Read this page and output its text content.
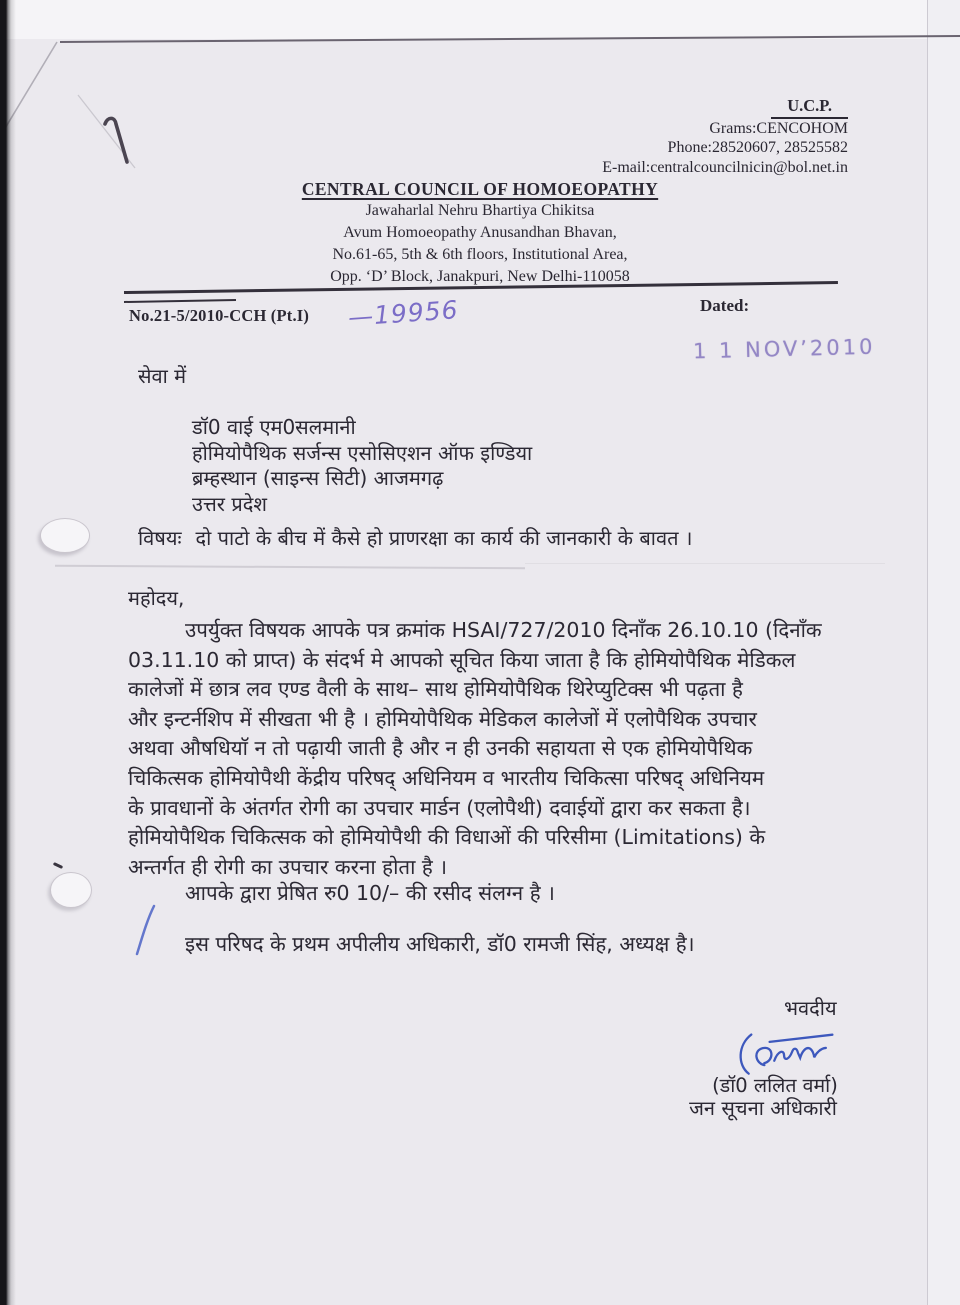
U.C.P.
Grams:CENCOHOM
Phone:28520607, 28525582
E-mail:centralcouncilnicin@bol.net.in
CENTRAL COUNCIL OF HOMOEOPATHY
Jawaharlal Nehru Bhartiya Chikitsa
Avum Homoeopathy Anusandhan Bhavan,
No.61-65, 5th & 6th floors, Institutional Area,
Opp. ‘D’ Block, Janakpuri, New Delhi-110058
No.21-5/2010-CCH (Pt.I) —19956	Dated:
1 1 NOV’2010
सेवा में
डॉ0 वाई एम0सलमानी
होमियोपैथिक सर्जन्स एसोसिएशन ऑफ इण्डिया
ब्रम्हस्थान (साइन्स सिटी) आजमगढ़
उत्तर प्रदेश
विषयः दो पाटो के बीच में कैसे हो प्राणरक्षा का कार्य की जानकारी के बावत ।
महोदय,
उपर्युक्त विषयक आपके पत्र क्रमांक HSAI/727/2010 दिनाँक 26.10.10 (दिनाँक
03.11.10 को प्राप्त) के संदर्भ मे आपको सूचित किया जाता है कि होमियोपैथिक मेडिकल
कालेजों में छात्र लव एण्ड वैली के साथ– साथ होमियोपैथिक थिरेप्युटिक्स भी पढ़ता है
और इन्टर्नशिप में सीखता भी है । होमियोपैथिक मेडिकल कालेजों में एलोपैथिक उपचार
अथवा औषधियाॅ न तो पढ़ायी जाती है और न ही उनकी सहायता से एक होमियोपैथिक
चिकित्सक होमियोपैथी केंद्रीय परिषद् अधिनियम व भारतीय चिकित्सा परिषद् अधिनियम
के प्रावधानों के अंतर्गत रोगी का उपचार मार्डन (एलोपैथी) दवाईयों द्वारा कर सकता है।
होमियोपैथिक चिकित्सक को होमियोपैथी की विधाओं की परिसीमा (Limitations) के
अन्तर्गत ही रोगी का उपचार करना होता है ।
आपके द्वारा प्रेषित रु0 10/– की रसीद संलग्न है ।
इस परिषद के प्रथम अपीलीय अधिकारी, डॉ0 रामजी सिंह, अध्यक्ष है।
भवदीय
(डॉ0 ललित वर्मा)
जन सूचना अधिकारी
